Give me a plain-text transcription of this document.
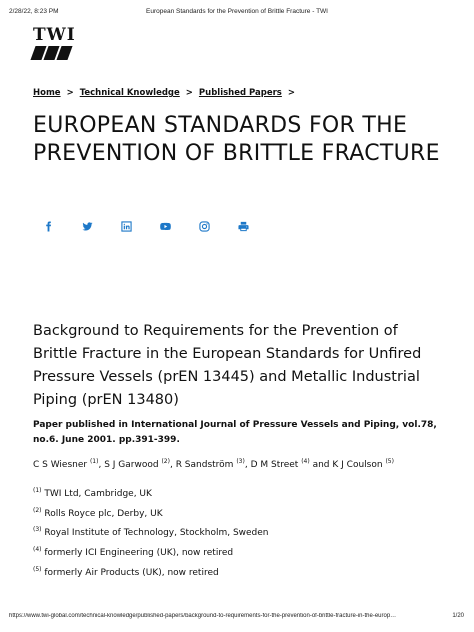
2/28/22, 8:23 PM	European Standards for the Prevention of Brittle Fracture - TWI
TWI
Home > Technical Knowledge > Published Papers >
EUROPEAN STANDARDS FOR THE PREVENTION OF BRITTLE FRACTURE
Background to Requirements for the Prevention of Brittle Fracture in the European Standards for Unfired Pressure Vessels (prEN 13445) and Metallic Industrial Piping (prEN 13480)

Paper published in International Journal of Pressure Vessels and Piping, vol.78, no.6. June 2001. pp.391-399.

C S Wiesner $^{(1)}$, S J Garwood $^{(2)}$, R Sandström $^{(3)}$, D M Street $^{(4)}$ and K J Coulson $^{(5)}$

$^{(1)}$ TWI Ltd, Cambridge, UK
$^{(2)}$ Rolls Royce plc, Derby, UK
$^{(3)}$ Royal Institute of Technology, Stockholm, Sweden
$^{(4)}$ formerly ICI Engineering (UK), now retired
$^{(5)}$ formerly Air Products (UK), now retired
https://www.twi-global.com/technical-knowledge/published-papers/background-to-requirements-for-the-prevention-of-brittle-fracture-in-the-europ…	1/20
